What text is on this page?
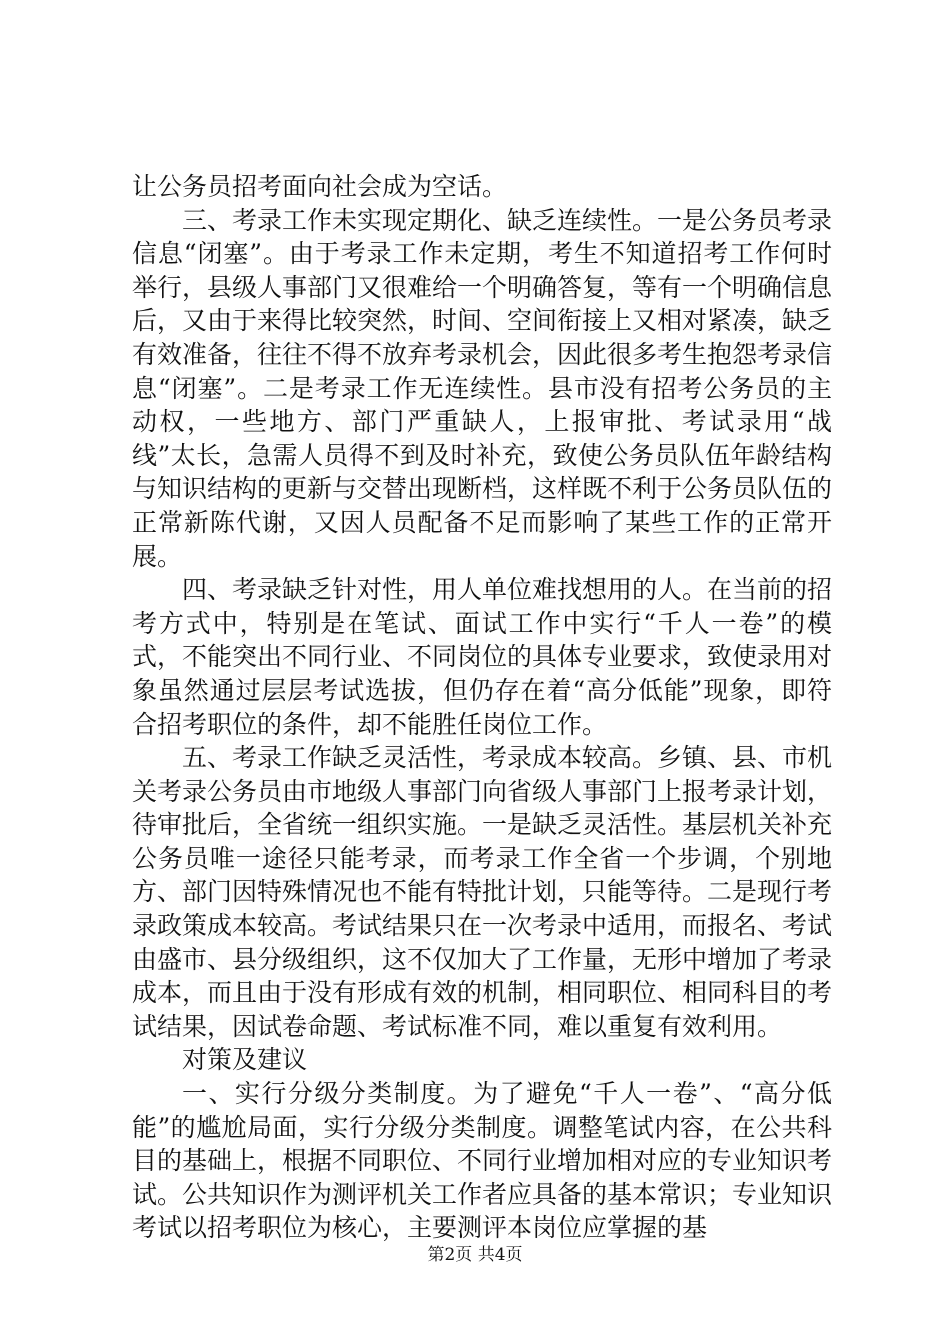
让公务员招考面向社会成为空话。

三、考录工作未实现定期化、缺乏连续性。一是公务员考录信息“闭塞”。由于考录工作未定期，考生不知道招考工作何时举行，县级人事部门又很难给一个明确答复，等有一个明确信息后，又由于来得比较突然，时间、空间衔接上又相对紧凑，缺乏有效准备，往往不得不放弃考录机会，因此很多考生抱怨考录信息“闭塞”。二是考录工作无连续性。县市没有招考公务员的主动权，一些地方、部门严重缺人，上报审批、考试录用“战线”太长，急需人员得不到及时补充，致使公务员队伍年龄结构与知识结构的更新与交替出现断档，这样既不利于公务员队伍的正常新陈代谢，又因人员配备不足而影响了某些工作的正常开展。

四、考录缺乏针对性，用人单位难找想用的人。在当前的招考方式中，特别是在笔试、面试工作中实行“千人一卷”的模式，不能突出不同行业、不同岗位的具体专业要求，致使录用对象虽然通过层层考试选拔，但仍存在着“高分低能”现象，即符合招考职位的条件，却不能胜任岗位工作。

五、考录工作缺乏灵活性，考录成本较高。乡镇、县、市机关考录公务员由市地级人事部门向省级人事部门上报考录计划，待审批后，全省统一组织实施。一是缺乏灵活性。基层机关补充公务员唯一途径只能考录，而考录工作全省一个步调，个别地方、部门因特殊情况也不能有特批计划，只能等待。二是现行考录政策成本较高。考试结果只在一次考录中适用，而报名、考试由盛市、县分级组织，这不仅加大了工作量，无形中增加了考录成本，而且由于没有形成有效的机制，相同职位、相同科目的考试结果，因试卷命题、考试标准不同，难以重复有效利用。

对策及建议

一、实行分级分类制度。为了避免“千人一卷”、“高分低能”的尴尬局面，实行分级分类制度。调整笔试内容，在公共科目的基础上，根据不同职位、不同行业增加相对应的专业知识考试。公共知识作为测评机关工作者应具备的基本常识；专业知识考试以招考职位为核心，主要测评本岗位应掌握的基

第2页 共4页
